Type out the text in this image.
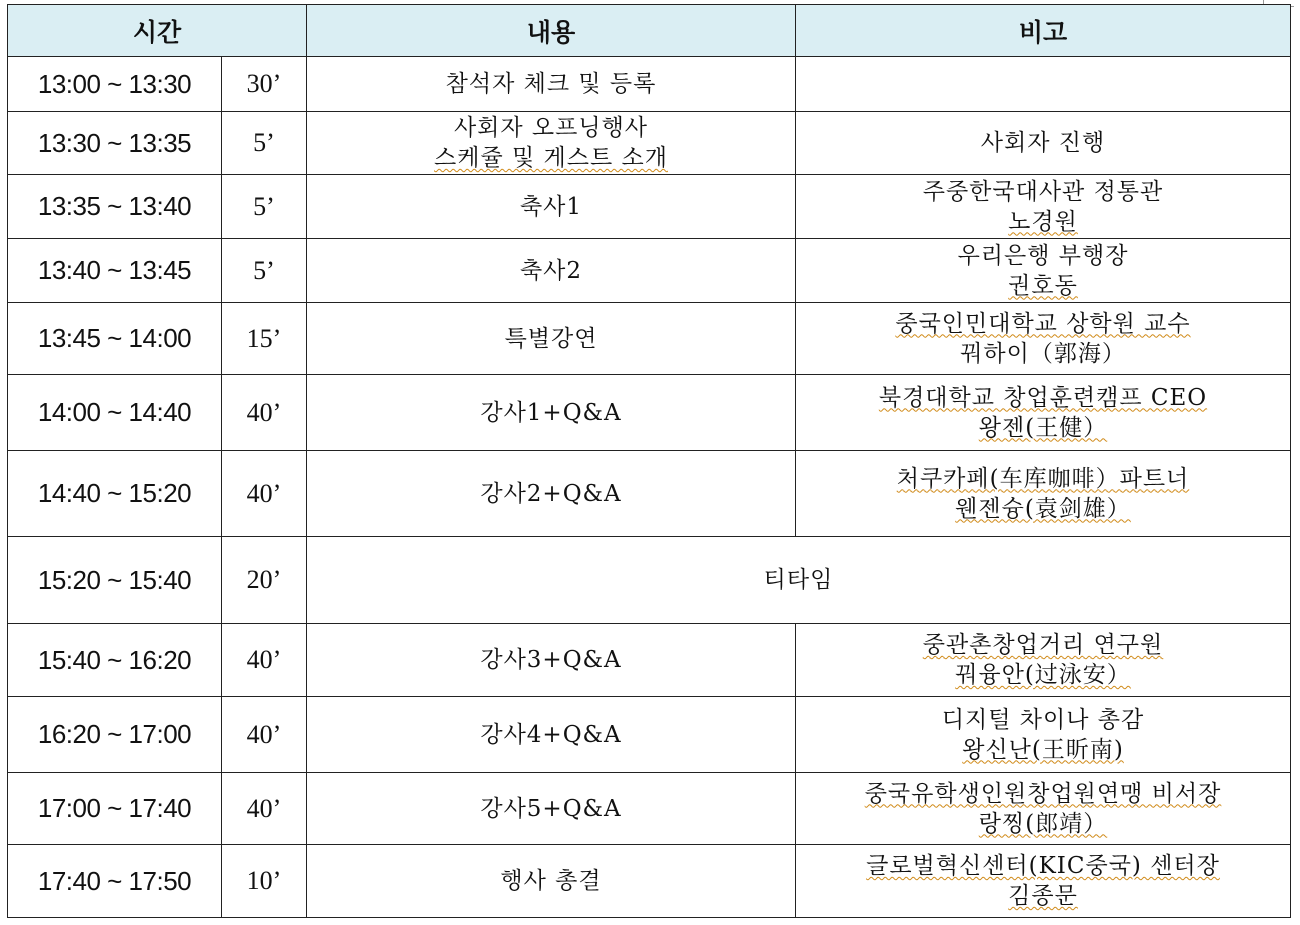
시간		내용	비고
13:00 ~ 13:30	30’	참석자 체크 및 등록	

13:30 ~ 13:35	5’	사회자 오프닝행사
스케쥴 및 게스트 소개	사회자 진행

13:35 ~ 13:40	5’	축사1	주중한국대사관 정통관
노경원

13:40 ~ 13:45	5’	축사2	우리은행 부행장
권호동

13:45 ~ 14:00	15’	특별강연	중국인민대학교 상학원 교수
꿔하이（郭海）

14:00 ~ 14:40	40’	강사1+Q&A	북경대학교 창업훈련캠프 CEO
왕젠(王健）

14:40 ~ 15:20	40’	강사2+Q&A	처쿠카페(车库咖啡）파트너
웬젠슝(袁剑雄）

15:20 ~ 15:40	20’	티타임	

15:40 ~ 16:20	40’	강사3+Q&A	중관촌창업거리 연구원
꿔융안(过泳安）

16:20 ~ 17:00	40’	강사4+Q&A	디지털 차이나 총감
왕신난(王昕南)

17:00 ~ 17:40	40’	강사5+Q&A	중국유학생인원창업원연맹 비서장
랑찡(郎靖）

17:40 ~ 17:50	10’	행사 총결	글로벌혁신센터(KIC중국) 센터장
김종문
